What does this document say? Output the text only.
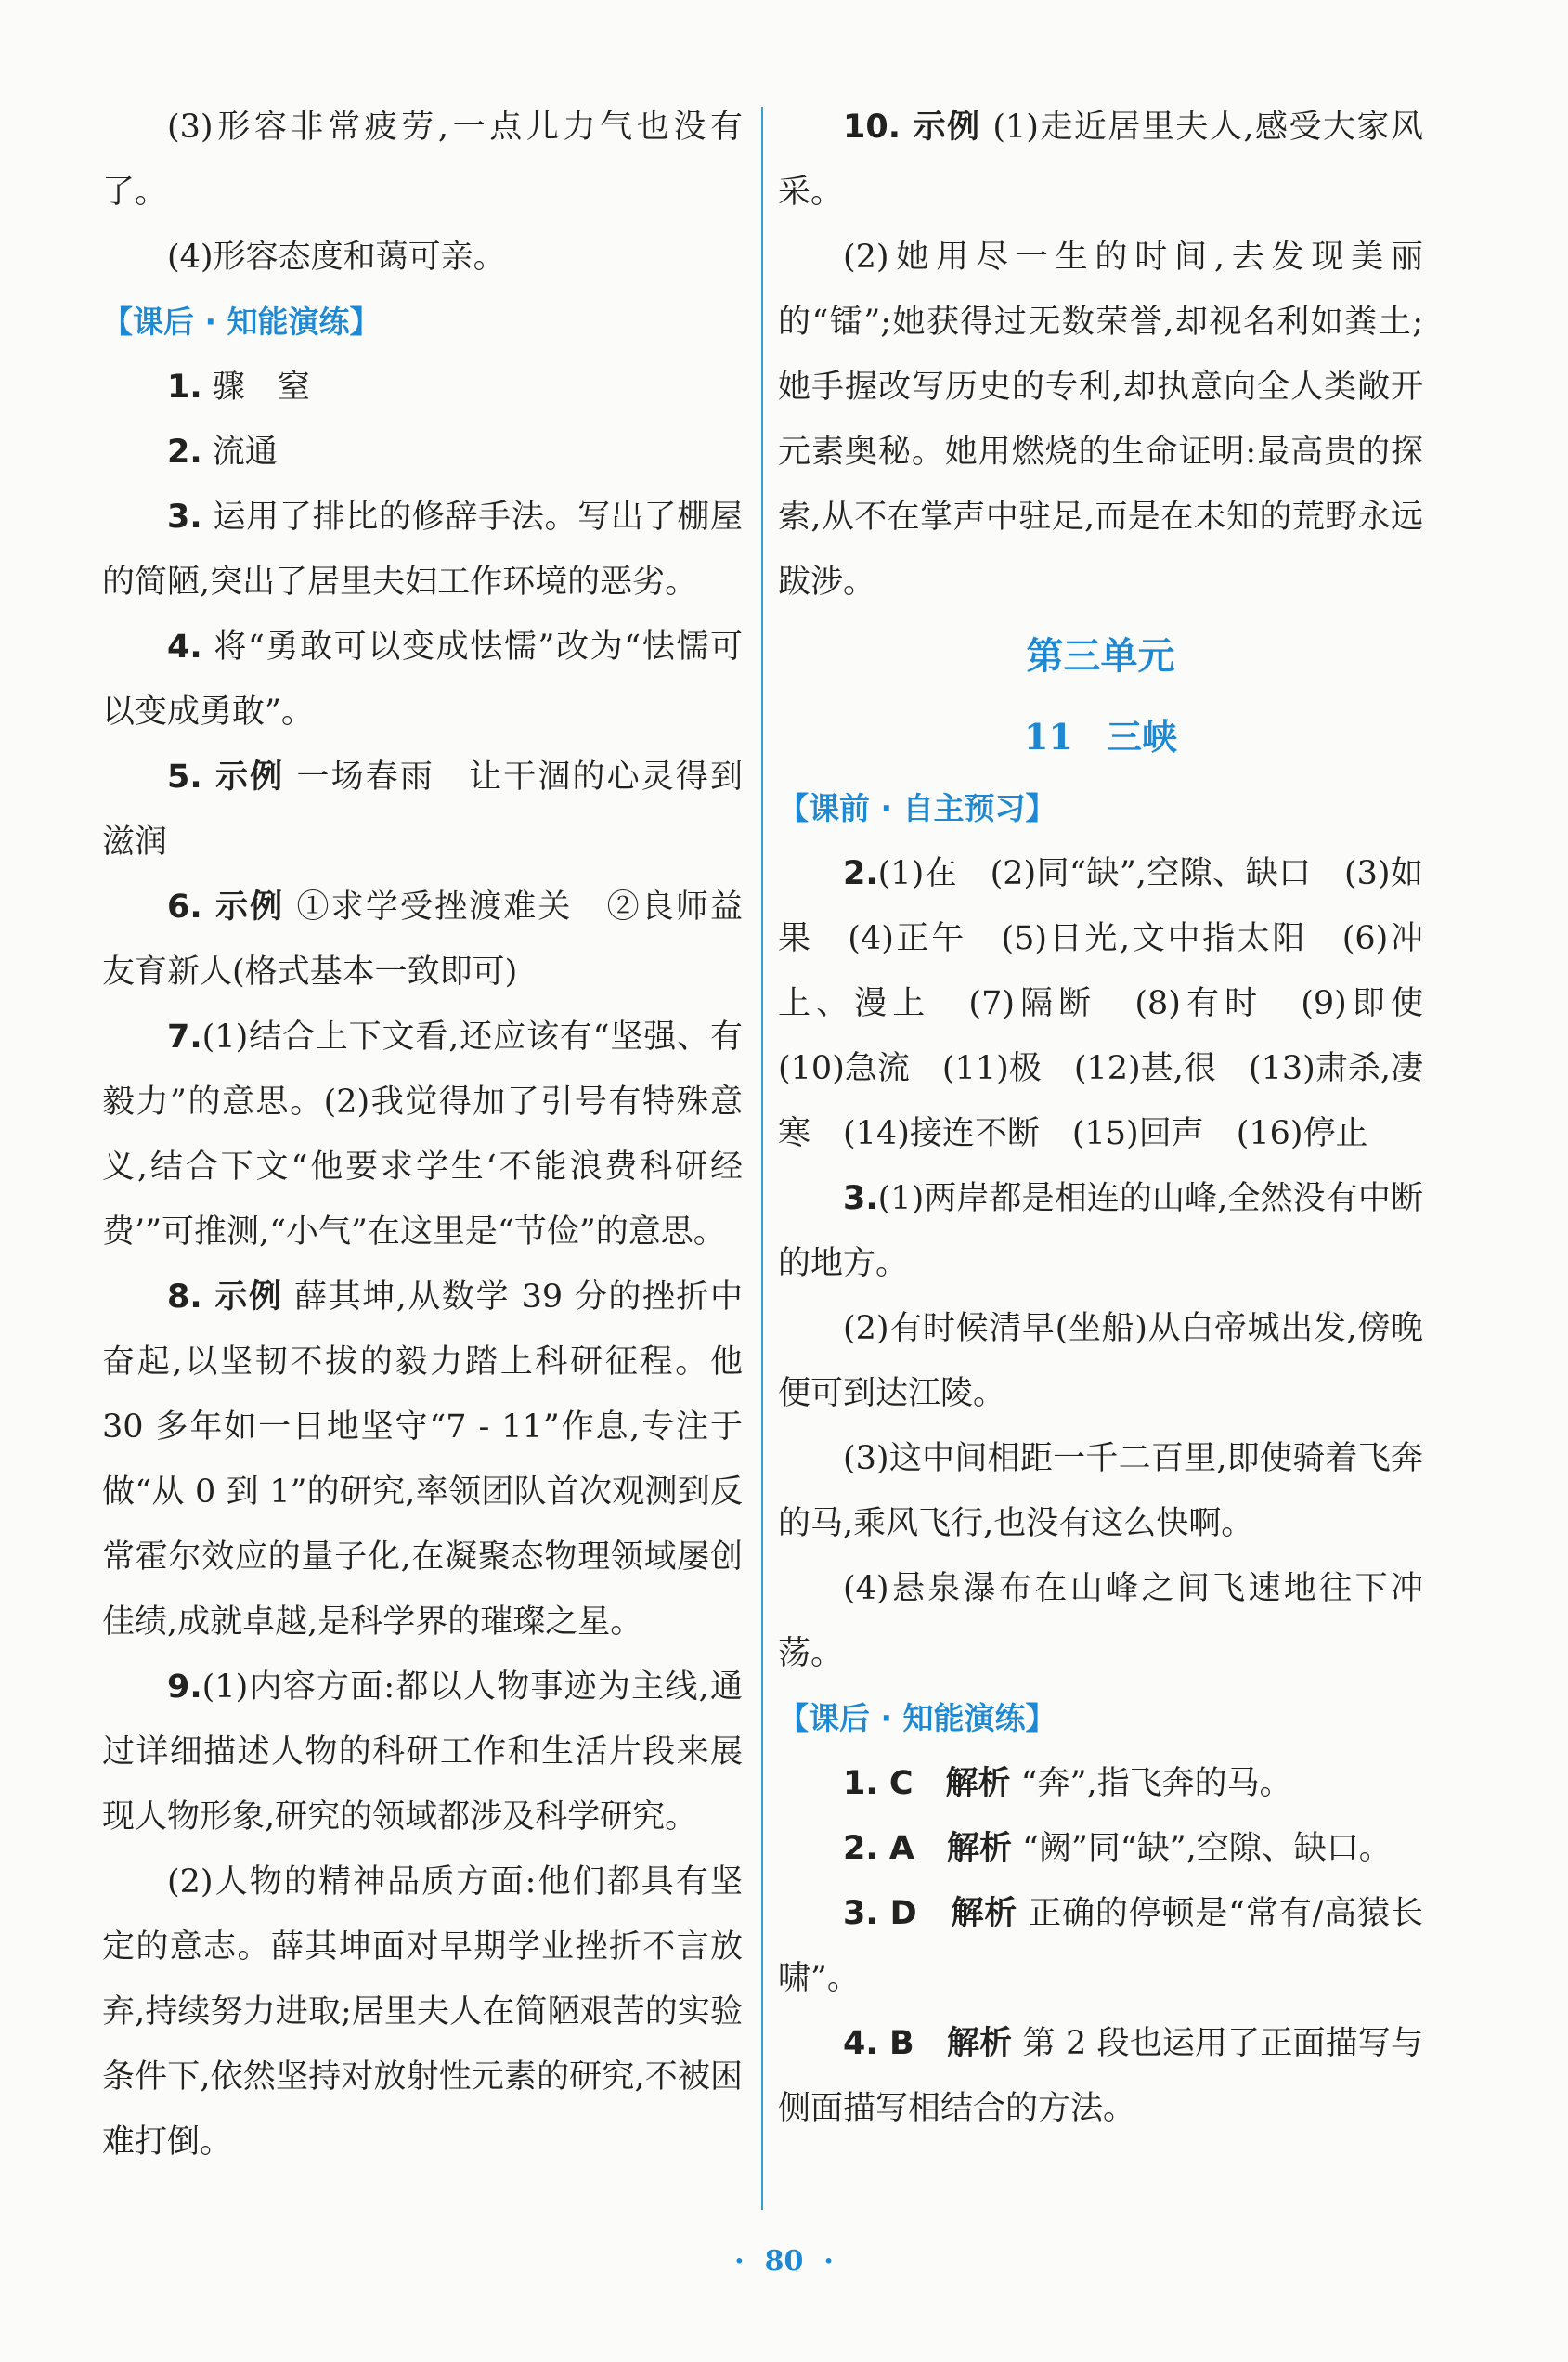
(3)形容非常疲劳,一点儿力气也没有了。

(4)形容态度和蔼可亲。

【课后 · 知能演练】

1. 骤　窒

2. 流通

3. 运用了排比的修辞手法。写出了棚屋的简陋,突出了居里夫妇工作环境的恶劣。

4. 将“勇敢可以变成怯懦”改为“怯懦可以变成勇敢”。

5. 示例 一场春雨　让干涸的心灵得到滋润

6. 示例 ①求学受挫渡难关　②良师益友育新人(格式基本一致即可)

7.(1)结合上下文看,还应该有“坚强、有毅力”的意思。(2)我觉得加了引号有特殊意义,结合下文“他要求学生‘不能浪费科研经费’”可推测,“小气”在这里是“节俭”的意思。

8. 示例 薛其坤,从数学 39 分的挫折中奋起,以坚韧不拔的毅力踏上科研征程。他 30 多年如一日地坚守“7 - 11”作息,专注于做“从 0 到 1”的研究,率领团队首次观测到反常霍尔效应的量子化,在凝聚态物理领域屡创佳绩,成就卓越,是科学界的璀璨之星。

9.(1)内容方面:都以人物事迹为主线,通过详细描述人物的科研工作和生活片段来展现人物形象,研究的领域都涉及科学研究。

(2)人物的精神品质方面:他们都具有坚定的意志。薛其坤面对早期学业挫折不言放弃,持续努力进取;居里夫人在简陋艰苦的实验条件下,依然坚持对放射性元素的研究,不被困难打倒。

10. 示例 (1)走近居里夫人,感受大家风采。

(2)她用尽一生的时间,去发现美丽的“镭”;她获得过无数荣誉,却视名利如粪土;她手握改写历史的专利,却执意向全人类敞开元素奥秘。她用燃烧的生命证明:最高贵的探索,从不在掌声中驻足,而是在未知的荒野永远跋涉。

第三单元

11 三峡

【课前 · 自主预习】

2.(1)在　(2)同“缺”,空隙、缺口　(3)如果　(4)正午　(5)日光,文中指太阳　(6)冲上、漫上　(7)隔断　(8)有时　(9)即使　(10)急流　(11)极　(12)甚,很　(13)肃杀,凄寒　(14)接连不断　(15)回声　(16)停止

3.(1)两岸都是相连的山峰,全然没有中断的地方。

(2)有时候清早(坐船)从白帝城出发,傍晚便可到达江陵。

(3)这中间相距一千二百里,即使骑着飞奔的马,乘风飞行,也没有这么快啊。

(4)悬泉瀑布在山峰之间飞速地往下冲荡。

【课后 · 知能演练】

1. C　 解析 “奔”,指飞奔的马。

2. A　 解析 “阙”同“缺”,空隙、缺口。

3. D　 解析 正确的停顿是“常有/高猿长啸”。

4. B　 解析 第 2 段也运用了正面描写与侧面描写相结合的方法。

· 80 ·
